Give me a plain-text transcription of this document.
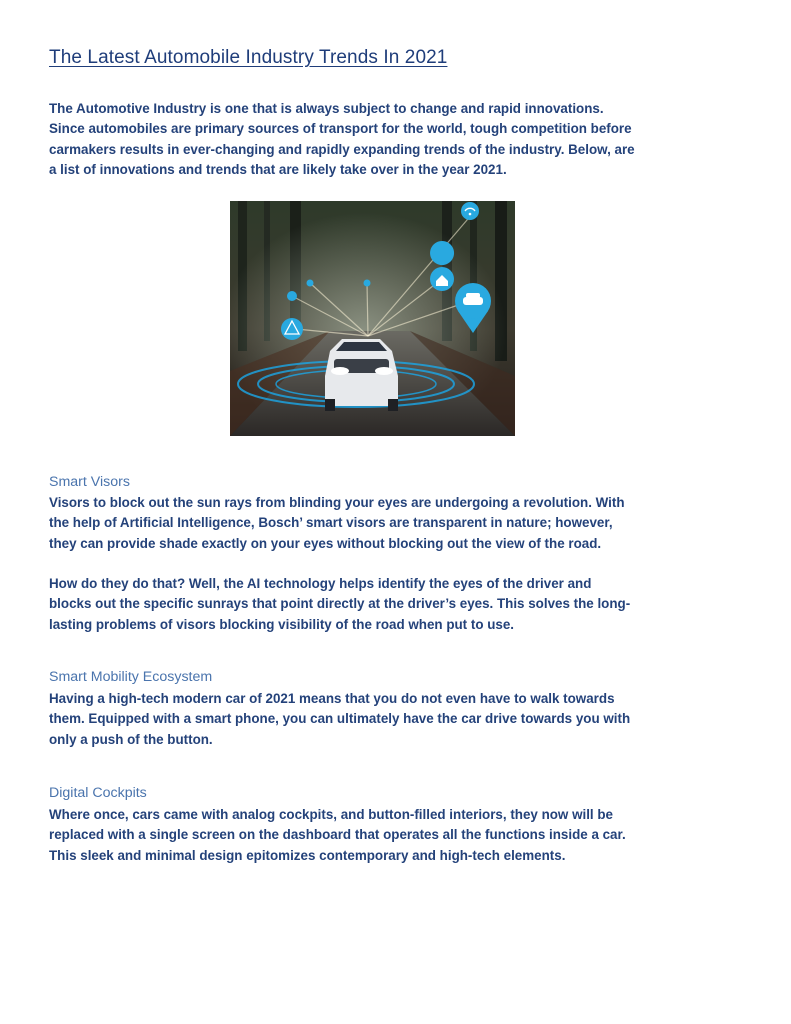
The Latest Automobile Industry Trends In 2021

The Automotive Industry is one that is always subject to change and rapid innovations.
Since automobiles are primary sources of transport for the world, tough competition before
carmakers results in ever-changing and rapidly expanding trends of the industry. Below, are
a list of innovations and trends that are likely take over in the year 2021.

Smart Visors

Visors to block out the sun rays from blinding your eyes are undergoing a revolution. With
the help of Artificial Intelligence, Bosch’ smart visors are transparent in nature; however,
they can provide shade exactly on your eyes without blocking out the view of the road.

How do they do that? Well, the AI technology helps identify the eyes of the driver and
blocks out the specific sunrays that point directly at the driver’s eyes. This solves the long-
lasting problems of visors blocking visibility of the road when put to use.

Smart Mobility Ecosystem

Having a high-tech modern car of 2021 means that you do not even have to walk towards
them. Equipped with a smart phone, you can ultimately have the car drive towards you with
only a push of the button.

Digital Cockpits

Where once, cars came with analog cockpits, and button-filled interiors, they now will be
replaced with a single screen on the dashboard that operates all the functions inside a car.
This sleek and minimal design epitomizes contemporary and high-tech elements.
